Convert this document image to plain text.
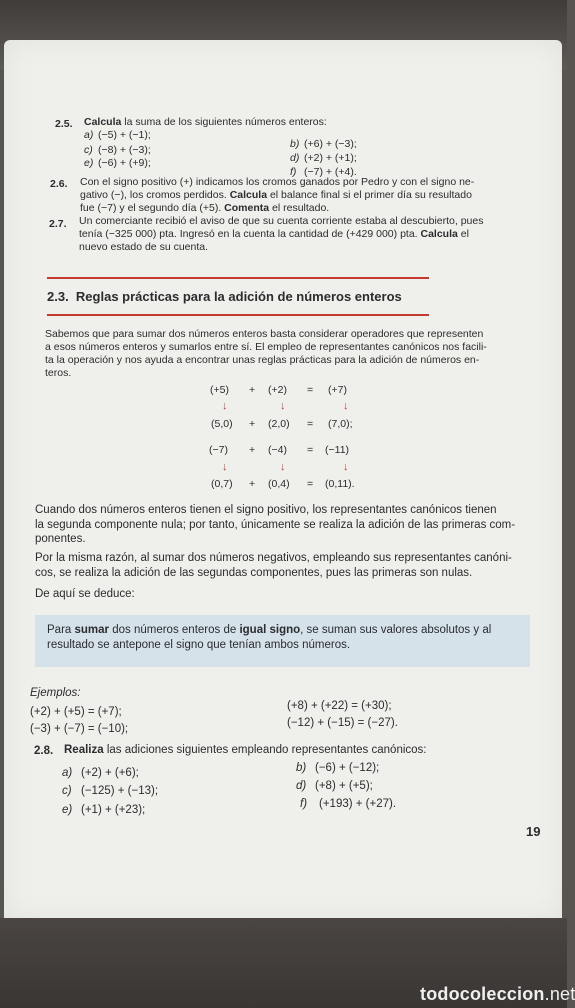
2.5. Calcula la suma de los siguientes números enteros:
a) (−5) + (−1);
b) (+6) + (−3);
c) (−8) + (−3);
d) (+2) + (+1);
e) (−6) + (+9);
f) (−7) + (+4).
2.6. Con el signo positivo (+) indicamos los cromos ganados por Pedro y con el signo ne-
gativo (−), los cromos perdidos. Calcula el balance final si el primer día su resultado
fue (−7) y el segundo día (+5). Comenta el resultado.
2.7. Un comerciante recibió el aviso de que su cuenta corriente estaba al descubierto, pues
tenía (−325 000) pta. Ingresó en la cuenta la cantidad de (+429 000) pta. Calcula el
nuevo estado de su cuenta.
2.3. Reglas prácticas para la adición de números enteros
Sabemos que para sumar dos números enteros basta considerar operadores que representen
a esos números enteros y sumarlos entre sí. El empleo de representantes canónicos nos facili-
ta la operación y nos ayuda a encontrar unas reglas prácticas para la adición de números en-
teros.
(+5) + (+2) = (+7)
↓	↓	↓
(5,0) + (2,0) = (7,0);
(−7) + (−4) = (−11)
↓	↓	↓
(0,7) + (0,4) = (0,11).
Cuando dos números enteros tienen el signo positivo, los representantes canónicos tienen
la segunda componente nula; por tanto, únicamente se realiza la adición de las primeras com-
ponentes.
Por la misma razón, al sumar dos números negativos, empleando sus representantes canóni-
cos, se realiza la adición de las segundas componentes, pues las primeras son nulas.
De aquí se deduce:
Para sumar dos números enteros de igual signo, se suman sus valores absolutos y al
resultado se antepone el signo que tenían ambos números.
Ejemplos:
(+2) + (+5) = (+7);	(+8) + (+22) = (+30);
(−3) + (−7) = (−10);	(−12) + (−15) = (−27).
2.8. Realiza las adiciones siguientes empleando representantes canónicos:
a) (+2) + (+6);	b) (−6) + (−12);
c) (−125) + (−13);	d) (+8) + (+5);
e) (+1) + (+23);	f) (+193) + (+27).
19
todocoleccion.net
